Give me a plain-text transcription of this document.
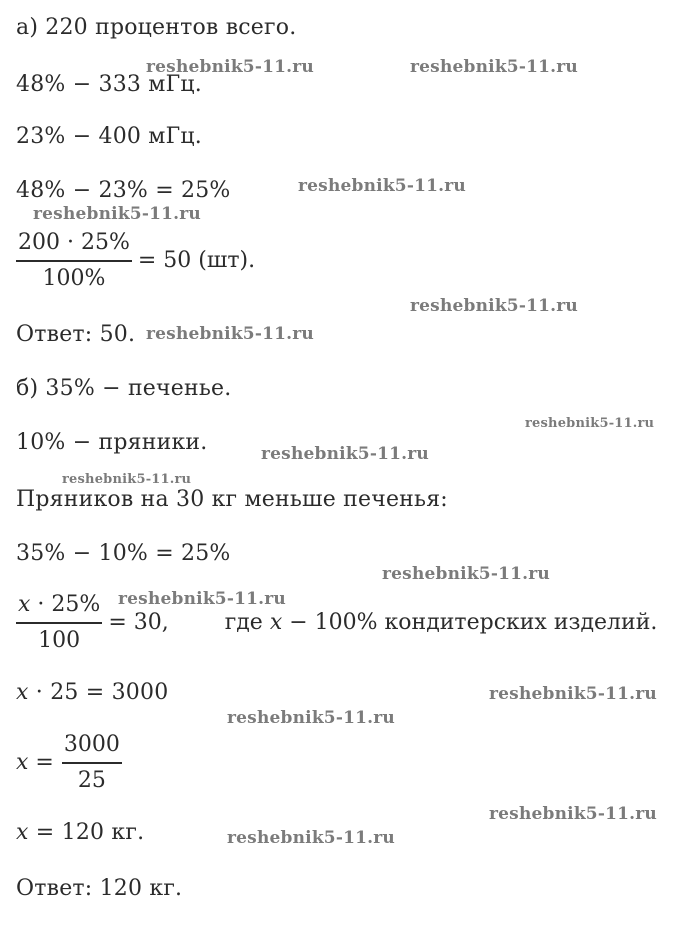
а) 220 процентов всего.
48% − 333 мГц.
23% − 400 мГц.
48% − 23% = 25%
$\frac{200 \cdot 25\%}{100\%} = 50$ (шт).
Ответ: 50.
б) 35% − печенье.
10% − пряники.
Пряников на 30 кг меньше печенья:
35% − 10% = 25%
$\frac{x \cdot 25\%}{100} = 30$,	где x − 100% кондитерских изделий.
x · 25 = 3000
$x = \frac{3000}{25}$
x = 120 кг.
Ответ: 120 кг.
reshebnik5-11.ru	reshebnik5-11.ru
reshebnik5-11.ru
reshebnik5-11.ru
reshebnik5-11.ru
reshebnik5-11.ru
reshebnik5-11.ru
reshebnik5-11.ru
reshebnik5-11.ru
reshebnik5-11.ru
reshebnik5-11.ru
reshebnik5-11.ru
reshebnik5-11.ru
reshebnik5-11.ru
reshebnik5-11.ru
